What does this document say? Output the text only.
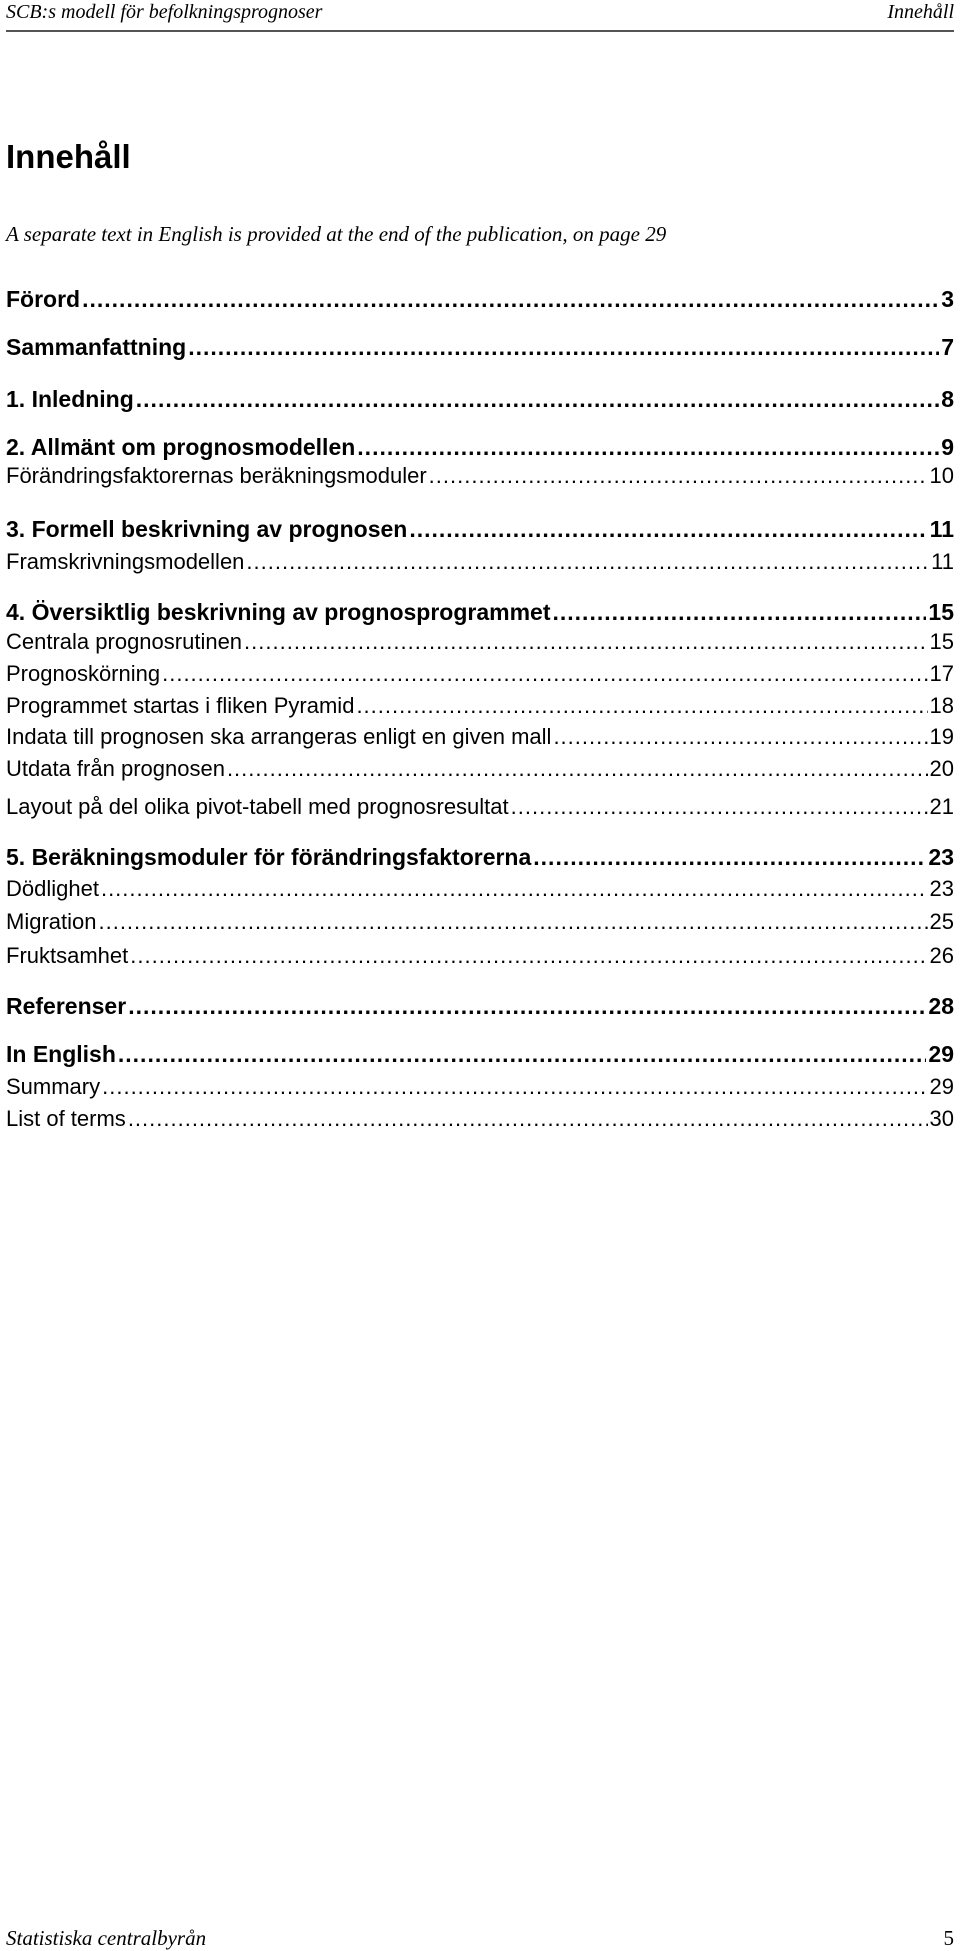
SCB:s modell för befolkningsprognoser	Innehåll
Innehåll
A separate text in English is provided at the end of the publication, on page 29
Förord .....	3
Sammanfattning .....	7
1. Inledning .....	8
2. Allmänt om prognosmodellen .....	9
Förändringsfaktorernas beräkningsmoduler .....	10
3. Formell beskrivning av prognosen .....	11
Framskrivningsmodellen .....	11
4. Översiktlig beskrivning av prognosprogrammet .....	15
Centrala prognosrutinen .....	15
Prognoskörning .....	17
Programmet startas i fliken Pyramid .....	18
Indata till prognosen ska arrangeras enligt en given mall .....	19
Utdata från prognosen .....	20
Layout på del olika pivot-tabell med prognosresultat .....	21
5. Beräkningsmoduler för förändringsfaktorerna .....	23
Dödlighet .....	23
Migration .....	25
Fruktsamhet .....	26
Referenser .....	28
In English .....	29
Summary .....	29
List of terms .....	30
Statistiska centralbyrån	5
